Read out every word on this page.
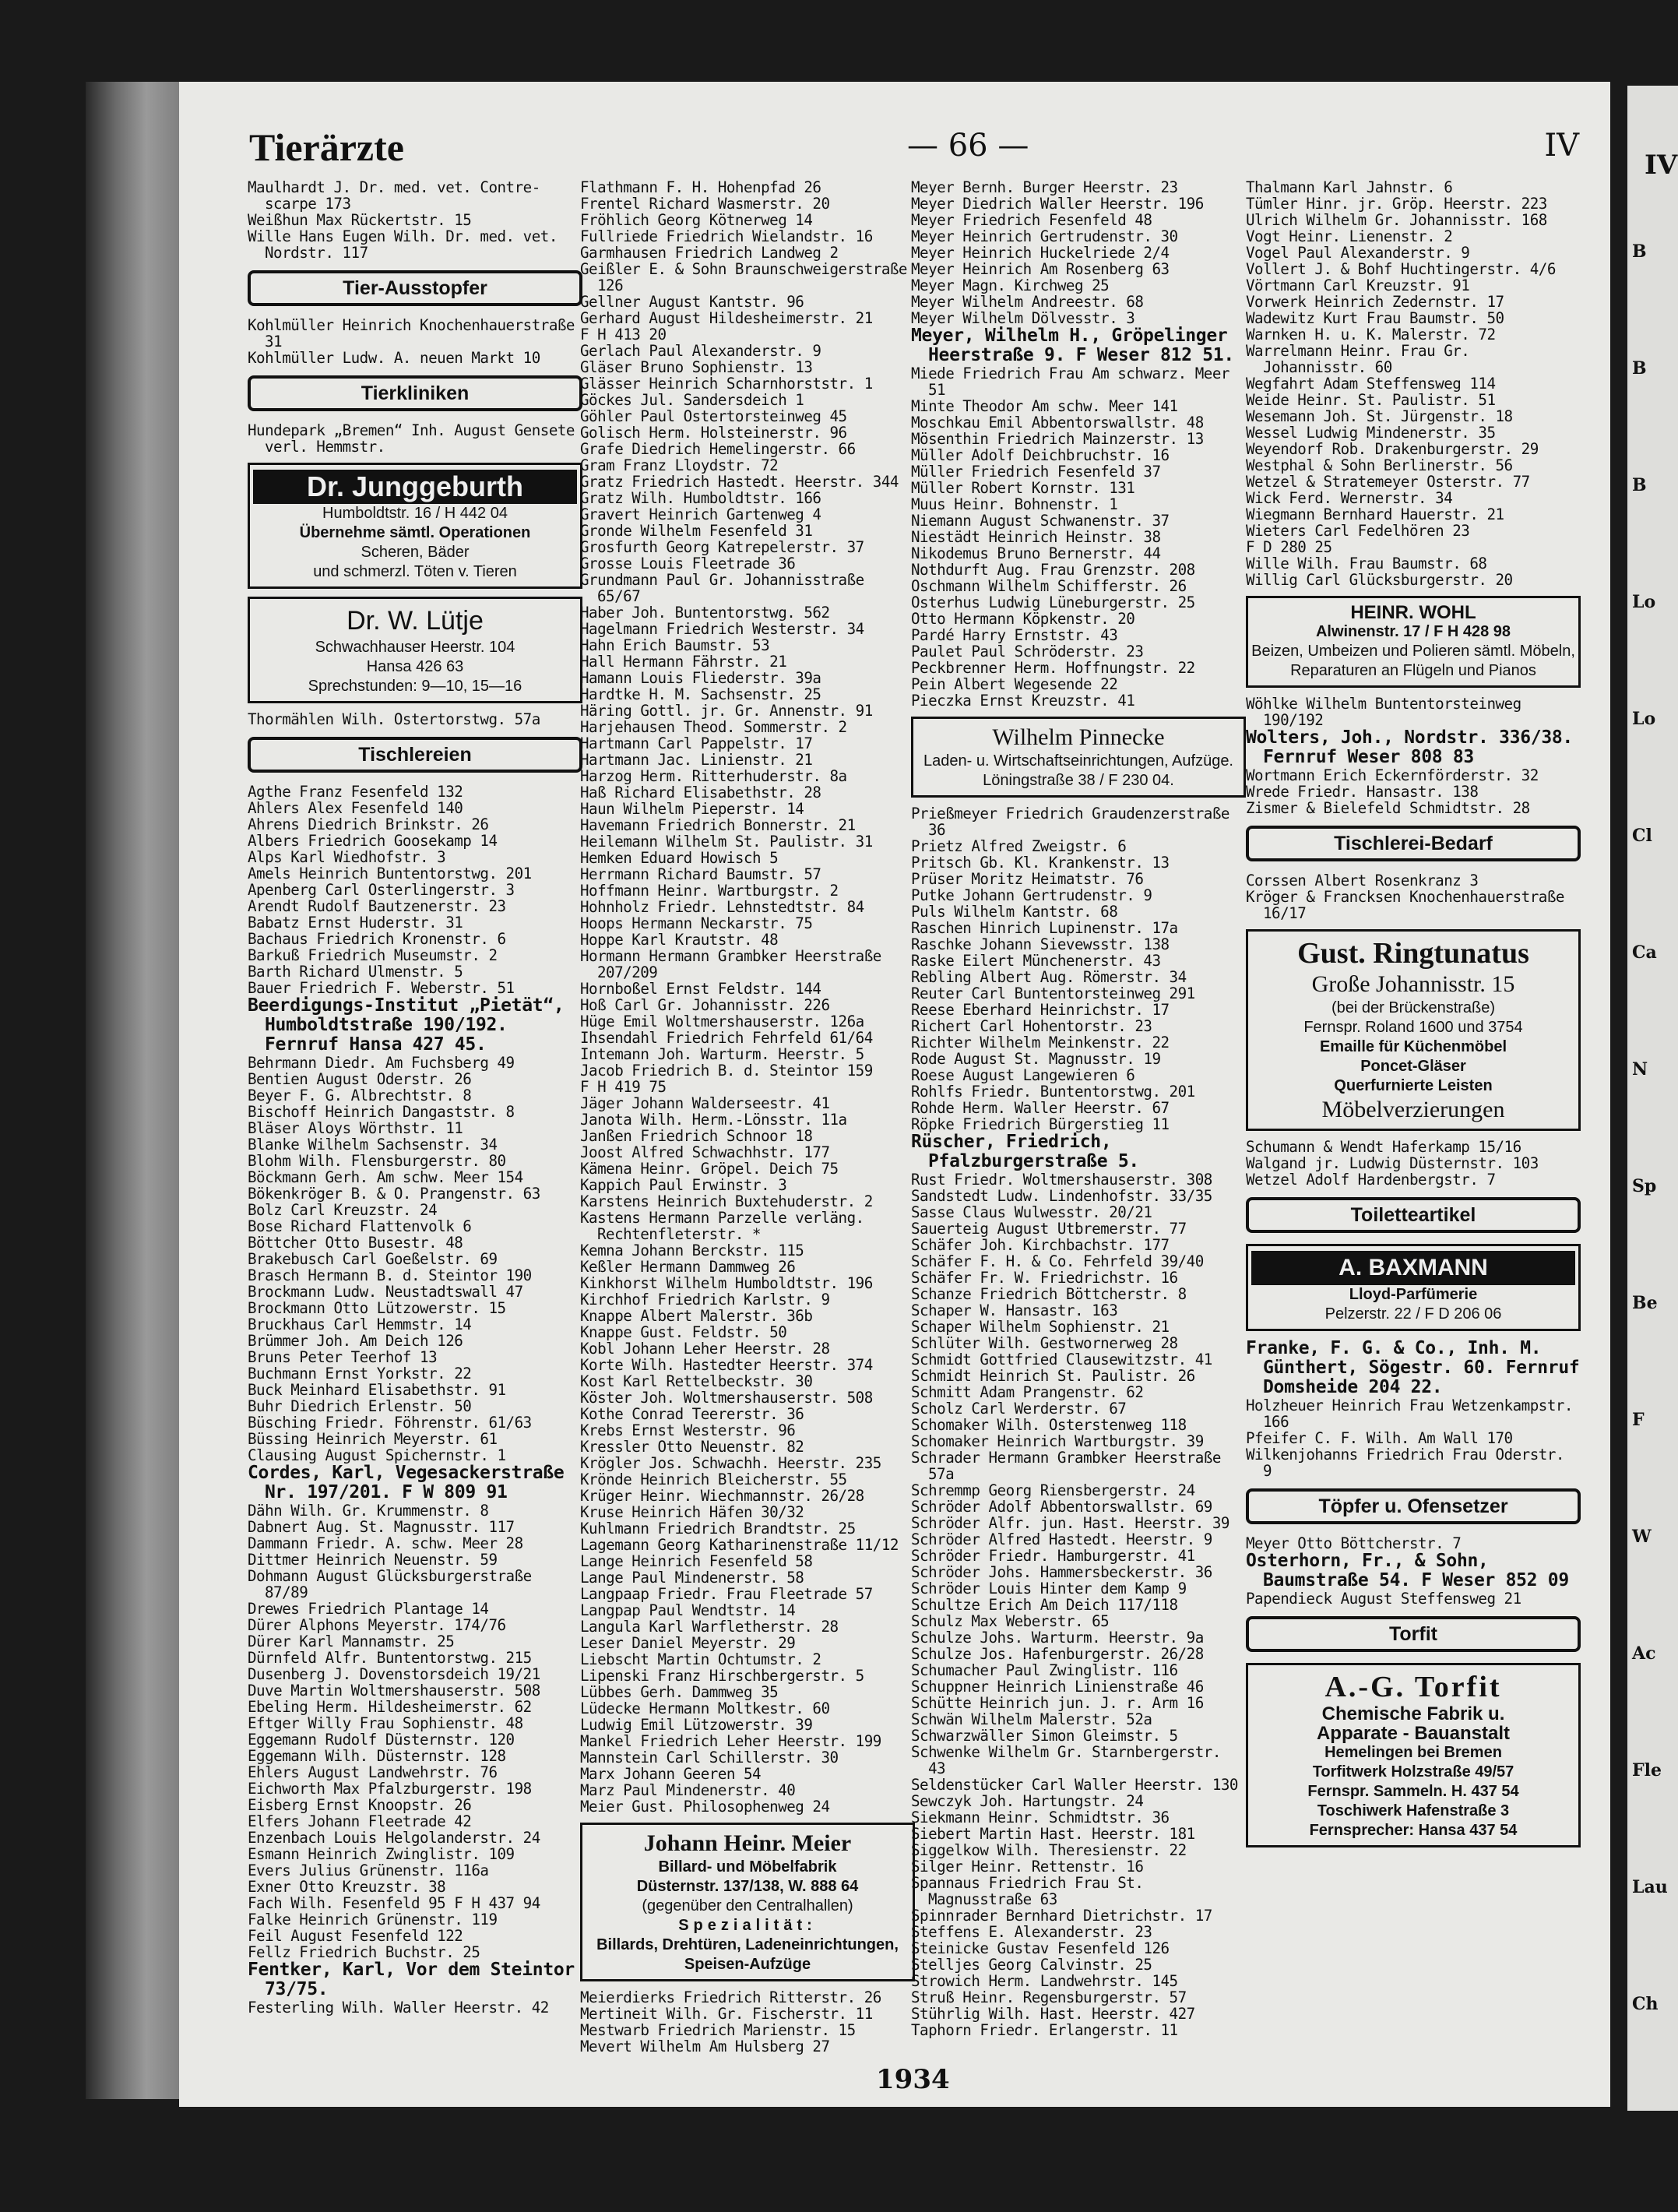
Tierärzte	— 66 —	IV

Maulhardt J. Dr. med. vet. Contre-scarpe 173

Weißhun Max Rückertstr. 15

Wille Hans Eugen Wilh. Dr. med. vet. Nordstr. 117

Tier-Ausstopfer

Kohlmüller Heinrich Knochenhauerstraße 31

Kohlmüller Ludw. A. neuen Markt 10

Tierkliniken

Hundepark „Bremen“ Inh. August Gensete verl. Hemmstr.

Dr. Junggeburth
Humboldtstr. 16 / H 442 04
Übernehme sämtl. Operationen
Scheren, Bäder
und schmerzl. Töten v. Tieren
Dr. W. Lütje
Schwachhauser Heerstr. 104
Hansa 426 63
Sprechstunden: 9—10, 15—16

Thormählen Wilh. Ostertorstwg. 57a

Tischlereien

Agthe Franz Fesenfeld 132

Ahlers Alex Fesenfeld 140

Ahrens Diedrich Brinkstr. 26

Albers Friedrich Goosekamp 14

Alps Karl Wiedhofstr. 3

Amels Heinrich Buntentorstwg. 201

Apenberg Carl Osterlingerstr. 3

Arendt Rudolf Bautzenerstr. 23

Babatz Ernst Huderstr. 31

Bachaus Friedrich Kronenstr. 6

Barkuß Friedrich Museumstr. 2

Barth Richard Ulmenstr. 5

Bauer Friedrich F. Weberstr. 51

Beerdigungs-Institut „Pietät“, Humboldtstraße 190/192. Fernruf Hansa 427 45.

Behrmann Diedr. Am Fuchsberg 49

Bentien August Oderstr. 26

Beyer F. G. Albrechtstr. 8

Bischoff Heinrich Dangaststr. 8

Bläser Aloys Wörthstr. 11

Blanke Wilhelm Sachsenstr. 34

Blohm Wilh. Flensburgerstr. 80

Böckmann Gerh. Am schw. Meer 154

Bökenkröger B. & O. Prangenstr. 63

Bolz Carl Kreuzstr. 24

Bose Richard Flattenvolk 6

Böttcher Otto Busestr. 48

Brakebusch Carl Goeßelstr. 69

Brasch Hermann B. d. Steintor 190

Brockmann Ludw. Neustadtswall 47

Brockmann Otto Lützowerstr. 15

Bruckhaus Carl Hemmstr. 14

Brümmer Joh. Am Deich 126

Bruns Peter Teerhof 13

Buchmann Ernst Yorkstr. 22

Buck Meinhard Elisabethstr. 91

Buhr Diedrich Erlenstr. 50

Büsching Friedr. Föhrenstr. 61/63

Büssing Heinrich Meyerstr. 61

Clausing August Spichernstr. 1

Cordes, Karl, Vegesackerstraße Nr. 197/201. F W 809 91

Dähn Wilh. Gr. Krummenstr. 8

Dabnert Aug. St. Magnusstr. 117

Dammann Friedr. A. schw. Meer 28

Dittmer Heinrich Neuenstr. 59

Dohmann August Glücksburgerstraße 87/89

Drewes Friedrich Plantage 14

Dürer Alphons Meyerstr. 174/76

Dürer Karl Mannamstr. 25

Dürnfeld Alfr. Buntentorstwg. 215

Dusenberg J. Dovenstorsdeich 19/21

Duve Martin Woltmershauserstr. 508

Ebeling Herm. Hildesheimerstr. 62

Eftger Willy Frau Sophienstr. 48

Eggemann Rudolf Düsternstr. 120

Eggemann Wilh. Düsternstr. 128

Ehlers August Landwehrstr. 76

Eichworth Max Pfalzburgerstr. 198

Eisberg Ernst Knoopstr. 26

Elfers Johann Fleetrade 42

Enzenbach Louis Helgolanderstr. 24

Esmann Heinrich Zwinglistr. 109

Evers Julius Grünenstr. 116a

Exner Otto Kreuzstr. 38

Fach Wilh. Fesenfeld 95 F H 437 94

Falke Heinrich Grünenstr. 119

Feil August Fesenfeld 122

Fellz Friedrich Buchstr. 25

Fentker, Karl, Vor dem Steintor 73/75.

Festerling Wilh. Waller Heerstr. 42

Flathmann F. H. Hohenpfad 26

Frentel Richard Wasmerstr. 20

Fröhlich Georg Kötnerweg 14

Fullriede Friedrich Wielandstr. 16

Garmhausen Friedrich Landweg 2

Geißler E. & Sohn Braunschweigerstraße 126

Gellner August Kantstr. 96

Gerhard August Hildesheimerstr. 21

F H 413 20

Gerlach Paul Alexanderstr. 9

Gläser Bruno Sophienstr. 13

Glässer Heinrich Scharnhorststr. 1

Göckes Jul. Sandersdeich 1

Göhler Paul Ostertorsteinweg 45

Golisch Herm. Holsteinerstr. 96

Grafe Diedrich Hemelingerstr. 66

Gram Franz Lloydstr. 72

Gratz Friedrich Hastedt. Heerstr. 344

Gratz Wilh. Humboldtstr. 166

Gravert Heinrich Gartenweg 4

Gronde Wilhelm Fesenfeld 31

Grosfurth Georg Katrepelerstr. 37

Grosse Louis Fleetrade 36

Grundmann Paul Gr. Johannisstraße 65/67

Haber Joh. Buntentorstwg. 562

Hagelmann Friedrich Westerstr. 34

Hahn Erich Baumstr. 53

Hall Hermann Fährstr. 21

Hamann Louis Fliederstr. 39a

Hardtke H. M. Sachsenstr. 25

Häring Gottl. jr. Gr. Annenstr. 91

Harjehausen Theod. Sommerstr. 2

Hartmann Carl Pappelstr. 17

Hartmann Jac. Linienstr. 21

Harzog Herm. Ritterhuderstr. 8a

Haß Richard Elisabethstr. 28

Haun Wilhelm Pieperstr. 14

Havemann Friedrich Bonnerstr. 21

Heilemann Wilhelm St. Paulistr. 31

Hemken Eduard Howisch 5

Herrmann Richard Baumstr. 57

Hoffmann Heinr. Wartburgstr. 2

Hohnholz Friedr. Lehnstedtstr. 84

Hoops Hermann Neckarstr. 75

Hoppe Karl Krautstr. 48

Hormann Hermann Grambker Heerstraße 207/209

Hornboßel Ernst Feldstr. 144

Hoß Carl Gr. Johannisstr. 226

Hüge Emil Woltmershauserstr. 126a

Ihsendahl Friedrich Fehrfeld 61/64

Intemann Joh. Warturm. Heerstr. 5

Jacob Friedrich B. d. Steintor 159

F H 419 75

Jäger Johann Walderseestr. 41

Janota Wilh. Herm.-Lönsstr. 11a

Janßen Friedrich Schnoor 18

Joost Alfred Schwachhstr. 177

Kämena Heinr. Gröpel. Deich 75

Kappich Paul Erwinstr. 3

Karstens Heinrich Buxtehuderstr. 2

Kastens Hermann Parzelle verläng. Rechtenfleterstr. *

Kemna Johann Berckstr. 115

Keßler Hermann Dammweg 26

Kinkhorst Wilhelm Humboldtstr. 196

Kirchhof Friedrich Karlstr. 9

Knappe Albert Malerstr. 36b

Knappe Gust. Feldstr. 50

Kobl Johann Leher Heerstr. 28

Korte Wilh. Hastedter Heerstr. 374

Kost Karl Rettelbeckstr. 30

Köster Joh. Woltmershauserstr. 508

Kothe Conrad Teererstr. 36

Krebs Ernst Westerstr. 96

Kressler Otto Neuenstr. 82

Krögler Jos. Schwachh. Heerstr. 235

Krönde Heinrich Bleicherstr. 55

Krüger Heinr. Wiechmannstr. 26/28

Kruse Heinrich Häfen 30/32

Kuhlmann Friedrich Brandtstr. 25

Lagemann Georg Katharinenstraße 11/12

Lange Heinrich Fesenfeld 58

Lange Paul Mindenerstr. 58

Langpaap Friedr. Frau Fleetrade 57

Langpap Paul Wendtstr. 14

Langula Karl Warfletherstr. 28

Leser Daniel Meyerstr. 29

Liebscht Martin Ochtumstr. 2

Lipenski Franz Hirschbergerstr. 5

Lübbes Gerh. Dammweg 35

Lüdecke Hermann Moltkestr. 60

Ludwig Emil Lützowerstr. 39

Mankel Friedrich Leher Heerstr. 199

Mannstein Carl Schillerstr. 30

Marx Johann Geeren 54

Marz Paul Mindenerstr. 40

Meier Gust. Philosophenweg 24

Johann Heinr. Meier
Billard- und Möbelfabrik
Düsternstr. 137/138, W. 888 64
(gegenüber den Centralhallen)
Spezialität:
Billards, Drehtüren, Ladeneinrichtungen, Speisen-Aufzüge

Meierdierks Friedrich Ritterstr. 26

Mertineit Wilh. Gr. Fischerstr. 11

Mestwarb Friedrich Marienstr. 15

Mevert Wilhelm Am Hulsberg 27

Meyer Bernh. Burger Heerstr. 23

Meyer Diedrich Waller Heerstr. 196

Meyer Friedrich Fesenfeld 48

Meyer Heinrich Gertrudenstr. 30

Meyer Heinrich Huckelriede 2/4

Meyer Heinrich Am Rosenberg 63

Meyer Magn. Kirchweg 25

Meyer Wilhelm Andreestr. 68

Meyer Wilhelm Dölvesstr. 3

Meyer, Wilhelm H., Gröpelinger Heerstraße 9. F Weser 812 51.

Miede Friedrich Frau Am schwarz. Meer 51

Minte Theodor Am schw. Meer 141

Moschkau Emil Abbentorswallstr. 48

Mösenthin Friedrich Mainzerstr. 13

Müller Adolf Deichbruchstr. 16

Müller Friedrich Fesenfeld 37

Müller Robert Kornstr. 131

Muus Heinr. Bohnenstr. 1

Niemann August Schwanenstr. 37

Niestädt Heinrich Heinstr. 38

Nikodemus Bruno Bernerstr. 44

Nothdurft Aug. Frau Grenzstr. 208

Oschmann Wilhelm Schifferstr. 26

Osterhus Ludwig Lüneburgerstr. 25

Otto Hermann Köpkenstr. 20

Pardé Harry Ernststr. 43

Paulet Paul Schröderstr. 23

Peckbrenner Herm. Hoffnungstr. 22

Pein Albert Wegesende 22

Pieczka Ernst Kreuzstr. 41

Wilhelm Pinnecke
Laden- u. Wirtschaftseinrichtungen, Aufzüge.
Löningstraße 38 / F 230 04.

Prießmeyer Friedrich Graudenzerstraße 36

Prietz Alfred Zweigstr. 6

Pritsch Gb. Kl. Krankenstr. 13

Prüser Moritz Heimatstr. 76

Putke Johann Gertrudenstr. 9

Puls Wilhelm Kantstr. 68

Raschen Hinrich Lupinenstr. 17a

Raschke Johann Sievewsstr. 138

Raske Eilert Münchenerstr. 43

Rebling Albert Aug. Römerstr. 34

Reuter Carl Buntentorsteinweg 291

Reese Eberhard Heinrichstr. 17

Richert Carl Hohentorstr. 23

Richter Wilhelm Meinkenstr. 22

Rode August St. Magnusstr. 19

Roese August Langewieren 6

Rohlfs Friedr. Buntentorstwg. 201

Rohde Herm. Waller Heerstr. 67

Röpke Friedrich Bürgerstieg 11

Rüscher, Friedrich, Pfalzburgerstraße 5.

Rust Friedr. Woltmershauserstr. 308

Sandstedt Ludw. Lindenhofstr. 33/35

Sasse Claus Wulwesstr. 20/21

Sauerteig August Utbremerstr. 77

Schäfer Joh. Kirchbachstr. 177

Schäfer F. H. & Co. Fehrfeld 39/40

Schäfer Fr. W. Friedrichstr. 16

Schanze Friedrich Böttcherstr. 8

Schaper W. Hansastr. 163

Schaper Wilhelm Sophienstr. 21

Schlüter Wilh. Gestwornerweg 28

Schmidt Gottfried Clausewitzstr. 41

Schmidt Heinrich St. Paulistr. 26

Schmitt Adam Prangenstr. 62

Scholz Carl Werderstr. 67

Schomaker Wilh. Osterstenweg 118

Schomaker Heinrich Wartburgstr. 39

Schrader Hermann Grambker Heerstraße 57a

Schremmp Georg Riensbergerstr. 24

Schröder Adolf Abbentorswallstr. 69

Schröder Alfr. jun. Hast. Heerstr. 39

Schröder Alfred Hastedt. Heerstr. 9

Schröder Friedr. Hamburgerstr. 41

Schröder Johs. Hammersbeckerstr. 36

Schröder Louis Hinter dem Kamp 9

Schultze Erich Am Deich 117/118

Schulz Max Weberstr. 65

Schulze Johs. Warturm. Heerstr. 9a

Schulze Jos. Hafenburgerstr. 26/28

Schumacher Paul Zwinglistr. 116

Schuppner Heinrich Linienstraße 46

Schütte Heinrich jun. J. r. Arm 16

Schwän Wilhelm Malerstr. 52a

Schwarzwäller Simon Gleimstr. 5

Schwenke Wilhelm Gr. Starnbergerstr. 43

Seldenstücker Carl Waller Heerstr. 130

Sewczyk Joh. Hartungstr. 24

Siekmann Heinr. Schmidtstr. 36

Siebert Martin Hast. Heerstr. 181

Siggelkow Wilh. Theresienstr. 22

Silger Heinr. Rettenstr. 16

Spannaus Friedrich Frau St. Magnusstraße 63

Spinnrader Bernhard Dietrichstr. 17

Steffens E. Alexanderstr. 23

Steinicke Gustav Fesenfeld 126

Stelljes Georg Calvinstr. 25

Strowich Herm. Landwehrstr. 145

Struß Heinr. Regensburgerstr. 57

Stührlig Wilh. Hast. Heerstr. 427

Taphorn Friedr. Erlangerstr. 11

Thalmann Karl Jahnstr. 6

Tümler Hinr. jr. Gröp. Heerstr. 223

Ulrich Wilhelm Gr. Johannisstr. 168

Vogt Heinr. Lienenstr. 2

Vogel Paul Alexanderstr. 9

Vollert J. & Bohf Huchtingerstr. 4/6

Vörtmann Carl Kreuzstr. 91

Vorwerk Heinrich Zedernstr. 17

Wadewitz Kurt Frau Baumstr. 50

Warnken H. u. K. Malerstr. 72

Warrelmann Heinr. Frau Gr. Johannisstr. 60

Wegfahrt Adam Steffensweg 114

Weide Heinr. St. Paulistr. 51

Wesemann Joh. St. Jürgenstr. 18

Wessel Ludwig Mindenerstr. 35

Weyendorf Rob. Drakenburgerstr. 29

Westphal & Sohn Berlinerstr. 56

Wetzel & Stratemeyer Osterstr. 77

Wick Ferd. Wernerstr. 34

Wiegmann Bernhard Hauerstr. 21

Wieters Carl Fedelhören 23

F D 280 25

Wille Wilh. Frau Baumstr. 68

Willig Carl Glücksburgerstr. 20

HEINR. WOHL
Alwinenstr. 17 / F H 428 98
Beizen, Umbeizen und Polieren sämtl. Möbeln, Reparaturen an Flügeln und Pianos

Wöhlke Wilhelm Buntentorsteinweg 190/192

Wolters, Joh., Nordstr. 336/38. Fernruf Weser 808 83

Wortmann Erich Eckernförderstr. 32

Wrede Friedr. Hansastr. 138

Zismer & Bielefeld Schmidtstr. 28

Tischlerei-Bedarf

Corssen Albert Rosenkranz 3

Kröger & Francksen Knochenhauerstraße 16/17

Gust. Ringtunatus
Große Johannisstr. 15
(bei der Brückenstraße)
Fernspr. Roland 1600 und 3754
Emaille für Küchenmöbel
Poncet-Gläser
Querfurnierte Leisten
Möbelverzierungen

Schumann & Wendt Haferkamp 15/16

Walgand jr. Ludwig Düsternstr. 103

Wetzel Adolf Hardenbergstr. 7

Toiletteartikel
A. BAXMANN
Lloyd-Parfümerie
Pelzerstr. 22 / F D 206 06

Franke, F. G. & Co., Inh. M. Günthert, Sögestr. 60. Fernruf Domsheide 204 22.

Holzheuer Heinrich Frau Wetzenkampstr. 166

Pfeifer C. F. Wilh. Am Wall 170

Wilkenjohanns Friedrich Frau Oderstr. 9

Töpfer u. Ofensetzer

Meyer Otto Böttcherstr. 7

Osterhorn, Fr., & Sohn, Baumstraße 54. F Weser 852 09

Papendieck August Steffensweg 21

Torfit
A.-G. Torfit
Chemische Fabrik u.
Apparate - Bauanstalt
Hemelingen bei Bremen
Torfitwerk Holzstraße 49/57
Fernspr. Sammeln. H. 437 54
Toschiwerk Hafenstraße 3
Fernsprecher: Hansa 437 54
1934
IV
B
B
B
Lo
Lo
Cl
Ca
N
Sp
Be
F
W
Ac
Fle
Lau
Ch
